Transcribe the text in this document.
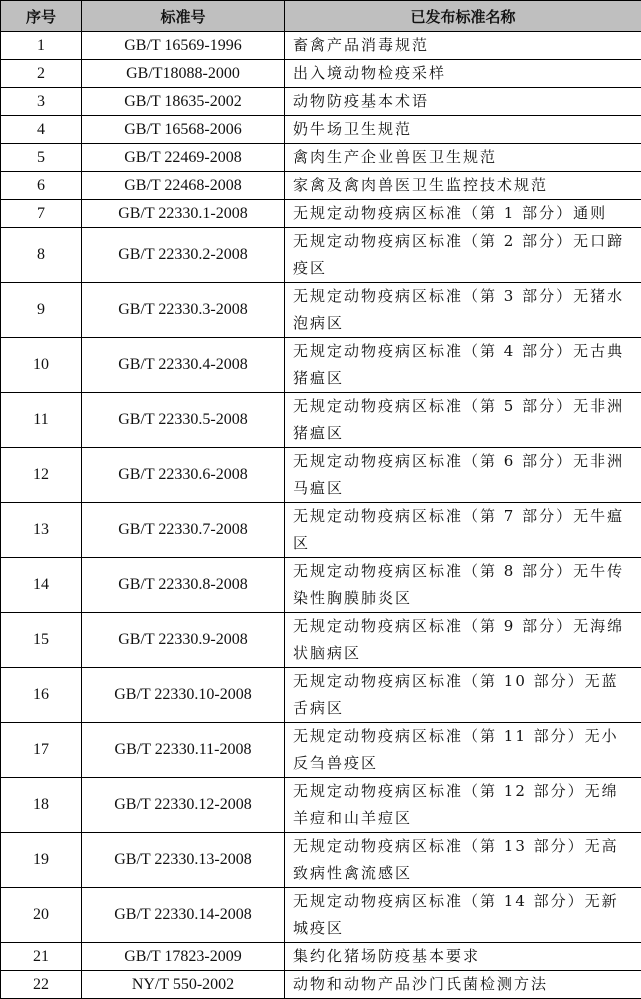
序号	标准号	已发布标准名称
1	GB/T 16569-1996	畜禽产品消毒规范
2	GB/T18088-2000	出入境动物检疫采样
3	GB/T 18635-2002	动物防疫基本术语
4	GB/T 16568-2006	奶牛场卫生规范
5	GB/T 22469-2008	禽肉生产企业兽医卫生规范
6	GB/T 22468-2008	家禽及禽肉兽医卫生监控技术规范
7	GB/T 22330.1-2008	无规定动物疫病区标准（第 1 部分）通则
8	GB/T 22330.2-2008	无规定动物疫病区标准（第 2 部分）无口蹄疫区
9	GB/T 22330.3-2008	无规定动物疫病区标准（第 3 部分）无猪水泡病区
10	GB/T 22330.4-2008	无规定动物疫病区标准（第 4 部分）无古典猪瘟区
11	GB/T 22330.5-2008	无规定动物疫病区标准（第 5 部分）无非洲猪瘟区
12	GB/T 22330.6-2008	无规定动物疫病区标准（第 6 部分）无非洲马瘟区
13	GB/T 22330.7-2008	无规定动物疫病区标准（第 7 部分）无牛瘟区
14	GB/T 22330.8-2008	无规定动物疫病区标准（第 8 部分）无牛传染性胸膜肺炎区
15	GB/T 22330.9-2008	无规定动物疫病区标准（第 9 部分）无海绵状脑病区
16	GB/T 22330.10-2008	无规定动物疫病区标准（第 10 部分）无蓝舌病区
17	GB/T 22330.11-2008	无规定动物疫病区标准（第 11 部分）无小反刍兽疫区
18	GB/T 22330.12-2008	无规定动物疫病区标准（第 12 部分）无绵羊痘和山羊痘区
19	GB/T 22330.13-2008	无规定动物疫病区标准（第 13 部分）无高致病性禽流感区
20	GB/T 22330.14-2008	无规定动物疫病区标准（第 14 部分）无新城疫区
21	GB/T 17823-2009	集约化猪场防疫基本要求
22	NY/T 550-2002	动物和动物产品沙门氏菌检测方法
